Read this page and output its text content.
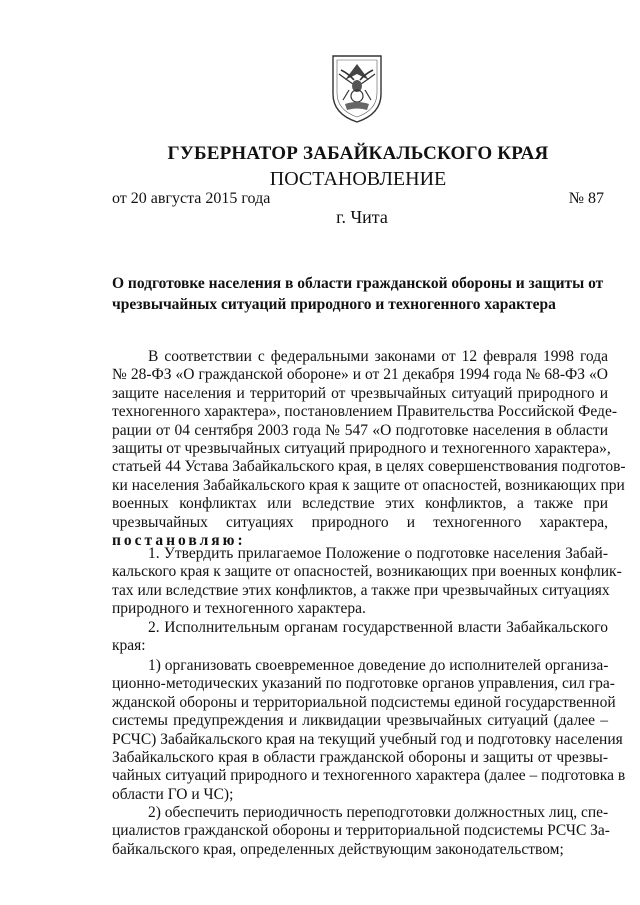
ГУБЕРНАТОР ЗАБАЙКАЛЬСКОГО КРАЯ
ПОСТАНОВЛЕНИЕ
от 20 августа 2015 года	№ 87
г. Чита
О подготовке населения в области гражданской обороны и защиты от
чрезвычайных ситуаций природного и техногенного характера
В соответствии с федеральными законами от 12 февраля 1998 года
№ 28-ФЗ «О гражданской обороне» и от 21 декабря 1994 года № 68-ФЗ «О
защите населения и территорий от чрезвычайных ситуаций природного и
техногенного характера», постановлением Правительства Российской Феде-
рации от 04 сентября 2003 года № 547 «О подготовке населения в области
защиты от чрезвычайных ситуаций природного и техногенного характера»,
статьей 44 Устава Забайкальского края, в целях совершенствования подготов-
ки населения Забайкальского края к защите от опасностей, возникающих при
военных конфликтах или вследствие этих конфликтов, а также при
чрезвычайных ситуациях природного и техногенного характера,
постановляю:
1. Утвердить прилагаемое Положение о подготовке населения Забай-
кальского края к защите от опасностей, возникающих при военных конфлик-
тах или вследствие этих конфликтов, а также при чрезвычайных ситуациях
природного и техногенного характера.
2. Исполнительным органам государственной власти Забайкальского
края:
1) организовать своевременное доведение до исполнителей организа-
ционно-методических указаний по подготовке органов управления, сил гра-
жданской обороны и территориальной подсистемы единой государственной
системы предупреждения и ликвидации чрезвычайных ситуаций (далее –
РСЧС) Забайкальского края на текущий учебный год и подготовку населения
Забайкальского края в области гражданской обороны и защиты от чрезвы-
чайных ситуаций природного и техногенного характера (далее – подготовка в
области ГО и ЧС);
2) обеспечить периодичность переподготовки должностных лиц, спе-
циалистов гражданской обороны и территориальной подсистемы РСЧС За-
байкальского края, определенных действующим законодательством;
